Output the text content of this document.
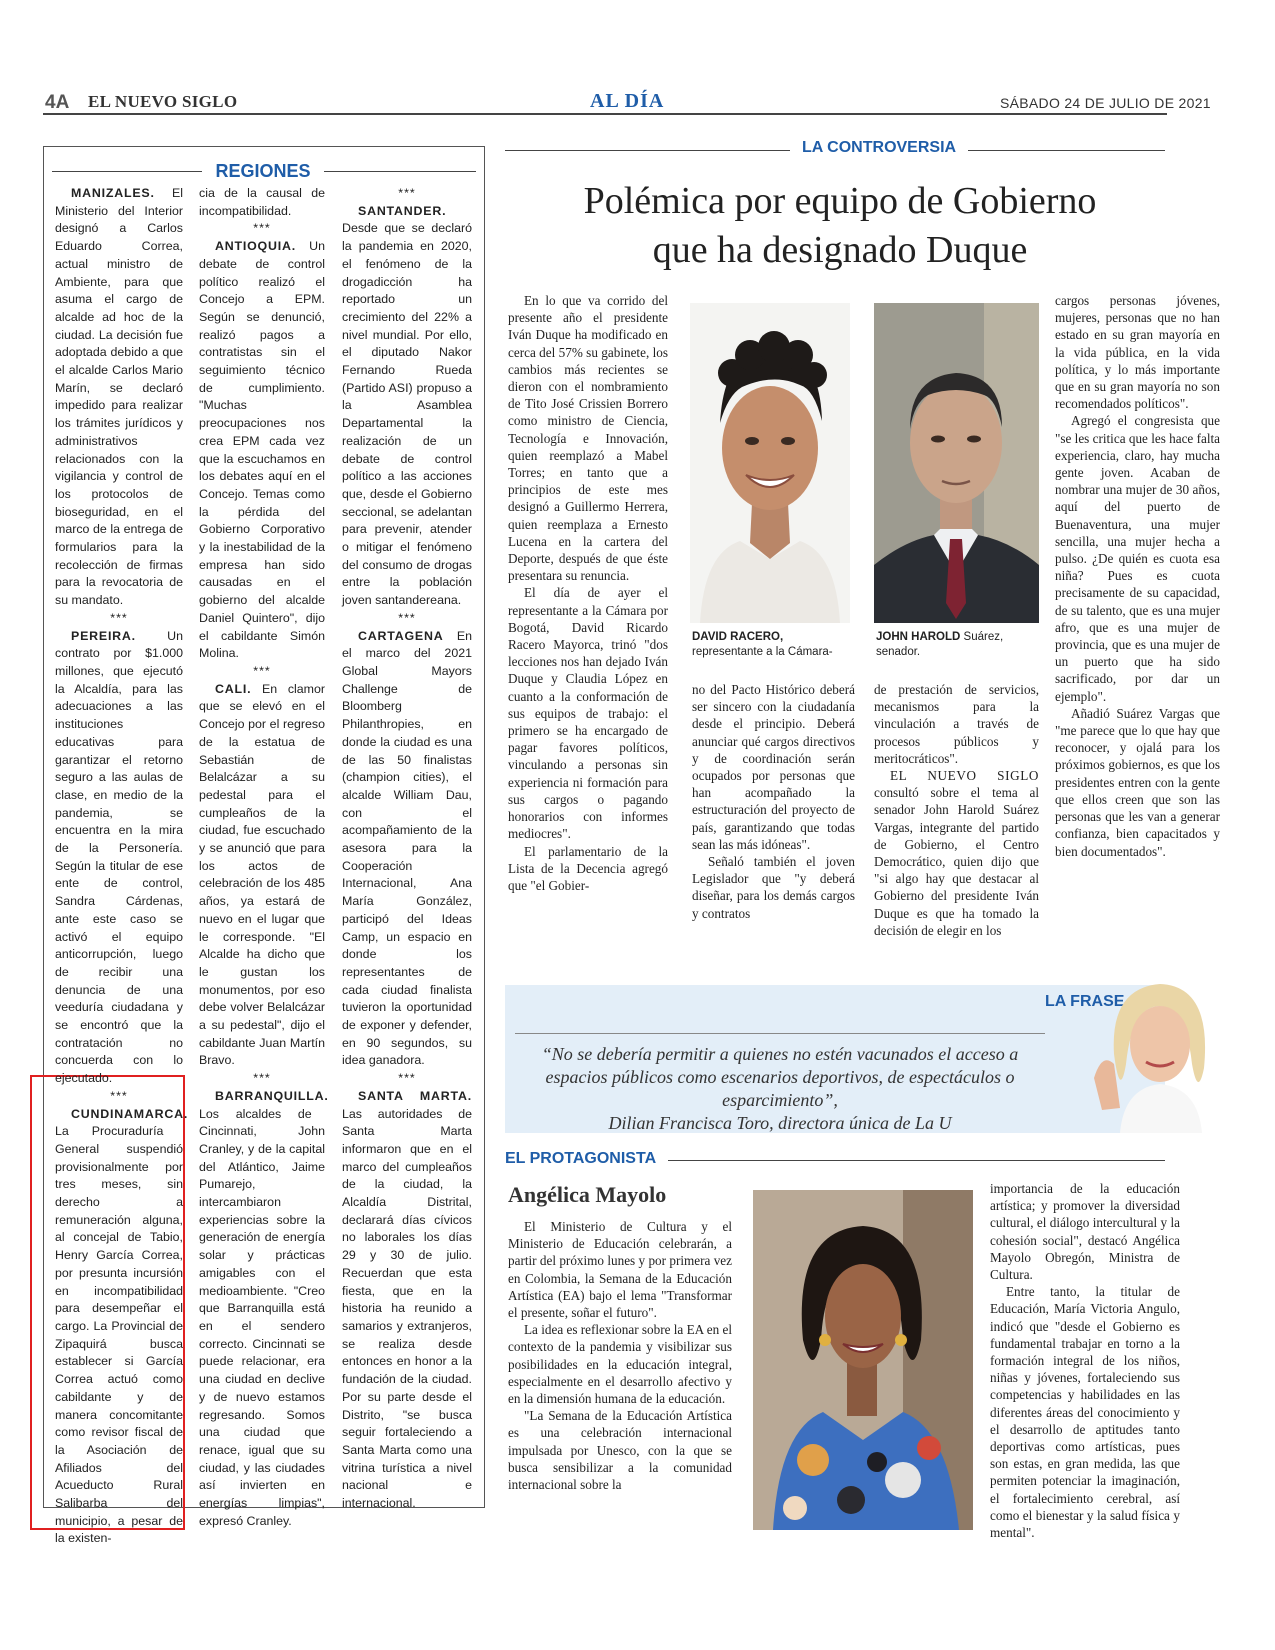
4A EL NUEVO SIGLO	AL DÍA	SÁBADO 24 DE JULIO DE 2021
REGIONES

MANIZALES. El Ministerio del Interior designó a Carlos Eduardo Correa, actual ministro de Ambiente, para que asuma el cargo de alcalde ad hoc de la ciudad. La decisión fue adoptada debido a que el alcalde Carlos Mario Marín, se declaró impedido para realizar los trámites jurídicos y administrativos relacionados con la vigilancia y control de los protocolos de bioseguridad, en el marco de la entrega de formularios para la recolección de firmas para la revocatoria de su mandato.

***

PEREIRA. Un contrato por $1.000 millones, que ejecutó la Alcaldía, para las adecuaciones a las instituciones educativas para garantizar el retorno seguro a las aulas de clase, en medio de la pandemia, se encuentra en la mira de la Personería. Según la titular de ese ente de control, Sandra Cárdenas, ante este caso se activó el equipo anticorrupción, luego de recibir una denuncia de una veeduría ciudadana y se encontró que la contratación no concuerda con lo ejecutado.

***

CUNDINAMARCA. La Procuraduría General suspendió provisionalmente por tres meses, sin derecho a remuneración alguna, al concejal de Tabio, Henry García Correa, por presunta incursión en incompatibilidad para desempeñar el cargo. La Provincial de Zipaquirá busca establecer si García Correa actuó como cabildante y de manera concomitante como revisor fiscal de la Asociación de Afiliados del Acueducto Rural Salibarba del municipio, a pesar de la existen-

cia de la causal de incompatibilidad.

***

ANTIOQUIA. Un debate de control político realizó el Concejo a EPM. Según se denunció, realizó pagos a contratistas sin el seguimiento técnico de cumplimiento. "Muchas preocupaciones nos crea EPM cada vez que la escuchamos en los debates aquí en el Concejo. Temas como la pérdida del Gobierno Corporativo y la inestabilidad de la empresa han sido causadas en el gobierno del alcalde Daniel Quintero", dijo el cabildante Simón Molina.

***

CALI. En clamor que se elevó en el Concejo por el regreso de la estatua de Sebastián de Belalcázar a su pedestal para el cumpleaños de la ciudad, fue escuchado y se anunció que para los actos de celebración de los 485 años, ya estará de nuevo en el lugar que le corresponde. "El Alcalde ha dicho que le gustan los monumentos, por eso debe volver Belalcázar a su pedestal", dijo el cabildante Juan Martín Bravo.

***

BARRANQUILLA. Los alcaldes de Cincinnati, John Cranley, y de la capital del Atlántico, Jaime Pumarejo, intercambiaron experiencias sobre la generación de energía solar y prácticas amigables con el medioambiente. "Creo que Barranquilla está en el sendero correcto. Cincinnati se puede relacionar, era una ciudad en declive y de nuevo estamos regresando. Somos una ciudad que renace, igual que su ciudad, y las ciudades así invierten en energías limpias", expresó Cranley.

***

SANTANDER. Desde que se declaró la pandemia en 2020, el fenómeno de la drogadicción ha reportado un crecimiento del 22% a nivel mundial. Por ello, el diputado Nakor Fernando Rueda (Partido ASI) propuso a la Asamblea Departamental la realización de un debate de control político a las acciones que, desde el Gobierno seccional, se adelantan para prevenir, atender o mitigar el fenómeno del consumo de drogas entre la población joven santandereana.

***

CARTAGENA En el marco del 2021 Global Mayors Challenge de Bloomberg Philanthropies, en donde la ciudad es una de las 50 finalistas (champion cities), el alcalde William Dau, con el acompañamiento de la asesora para la Cooperación Internacional, Ana María González, participó del Ideas Camp, un espacio en donde los representantes de cada ciudad finalista tuvieron la oportunidad de exponer y defender, en 90 segundos, su idea ganadora.

***

SANTA MARTA. Las autoridades de Santa Marta informaron que en el marco del cumpleaños de la ciudad, la Alcaldía Distrital, declarará días cívicos no laborales los días 29 y 30 de julio. Recuerdan que esta fiesta, que en la historia ha reunido a samarios y extranjeros, se realiza desde entonces en honor a la fundación de la ciudad. Por su parte desde el Distrito, "se busca seguir fortaleciendo a Santa Marta como una vitrina turística a nivel nacional e internacional.

LA CONTROVERSIA
Polémica por equipo de Gobierno
que ha designado Duque

En lo que va corrido del presente año el presidente Iván Duque ha modificado en cerca del 57% su gabinete, los cambios más recientes se dieron con el nombramiento de Tito José Crissien Borrero como ministro de Ciencia, Tecnología e Innovación, quien reemplazó a Mabel Torres; en tanto que a principios de este mes designó a Guillermo Herrera, quien reemplaza a Ernesto Lucena en la cartera del Deporte, después de que éste presentara su renuncia.

El día de ayer el representante a la Cámara por Bogotá, David Ricardo Racero Mayorca, trinó "dos lecciones nos han dejado Iván Duque y Claudia López en cuanto a la conformación de sus equipos de trabajo: el primero se ha encargado de pagar favores políticos, vinculando a personas sin experiencia ni formación para sus cargos o pagando honorarios con informes mediocres".

El parlamentario de la Lista de la Decencia agregó que "el Gobier-

DAVID RACERO,
representante a la Cámara-
JOHN HAROLD Suárez,
senador.

no del Pacto Histórico deberá ser sincero con la ciudadanía desde el principio. Deberá anunciar qué cargos directivos y de coordinación serán ocupados por personas que han acompañado la estructuración del proyecto de país, garantizando que todas sean las más idóneas".

Señaló también el joven Legislador que "y deberá diseñar, para los demás cargos y contratos

de prestación de servicios, mecanismos para la vinculación a través de procesos públicos y meritocráticos".

EL NUEVO SIGLO consultó sobre el tema al senador John Harold Suárez Vargas, integrante del partido de Gobierno, el Centro Democrático, quien dijo que "si algo hay que destacar al Gobierno del presidente Iván Duque es que ha tomado la decisión de elegir en los

cargos personas jóvenes, mujeres, personas que no han estado en su gran mayoría en la vida pública, en la vida política, y lo más importante que en su gran mayoría no son recomendados políticos".

Agregó el congresista que "se les critica que les hace falta experiencia, claro, hay mucha gente joven. Acaban de nombrar una mujer de 30 años, aquí del puerto de Buenaventura, una mujer sencilla, una mujer hecha a pulso. ¿De quién es cuota esa niña? Pues es cuota precisamente de su capacidad, de su talento, que es una mujer afro, que es una mujer de provincia, que es una mujer de un puerto que ha sido sacrificado, por dar un ejemplo".

Añadió Suárez Vargas que "me parece que lo que hay que reconocer, y ojalá para los próximos gobiernos, es que los presidentes entren con la gente que ellos creen que son las personas que les van a generar confianza, bien capacitados y bien documentados".

LA FRASE
“No se debería permitir a quienes no estén vacunados el acceso a espacios públicos como escenarios deportivos, de espectáculos o esparcimiento”,
Dilian Francisca Toro, directora única de La U
EL PROTAGONISTA
Angélica Mayolo

El Ministerio de Cultura y el Ministerio de Educación celebrarán, a partir del próximo lunes y por primera vez en Colombia, la Semana de la Educación Artística (EA) bajo el lema "Transformar el presente, soñar el futuro".

La idea es reflexionar sobre la EA en el contexto de la pandemia y visibilizar sus posibilidades en la educación integral, especialmente en el desarrollo afectivo y en la dimensión humana de la educación.

"La Semana de la Educación Artística es una celebración internacional impulsada por Unesco, con la que se busca sensibilizar a la comunidad internacional sobre la

importancia de la educación artística; y promover la diversidad cultural, el diálogo intercultural y la cohesión social", destacó Angélica Mayolo Obregón, Ministra de Cultura.

Entre tanto, la titular de Educación, María Victoria Angulo, indicó que "desde el Gobierno es fundamental trabajar en torno a la formación integral de los niños, niñas y jóvenes, fortaleciendo sus competencias y habilidades en las diferentes áreas del conocimiento y el desarrollo de aptitudes tanto deportivas como artísticas, pues son estas, en gran medida, las que permiten potenciar la imaginación, el fortalecimiento cerebral, así como el bienestar y la salud física y mental".
